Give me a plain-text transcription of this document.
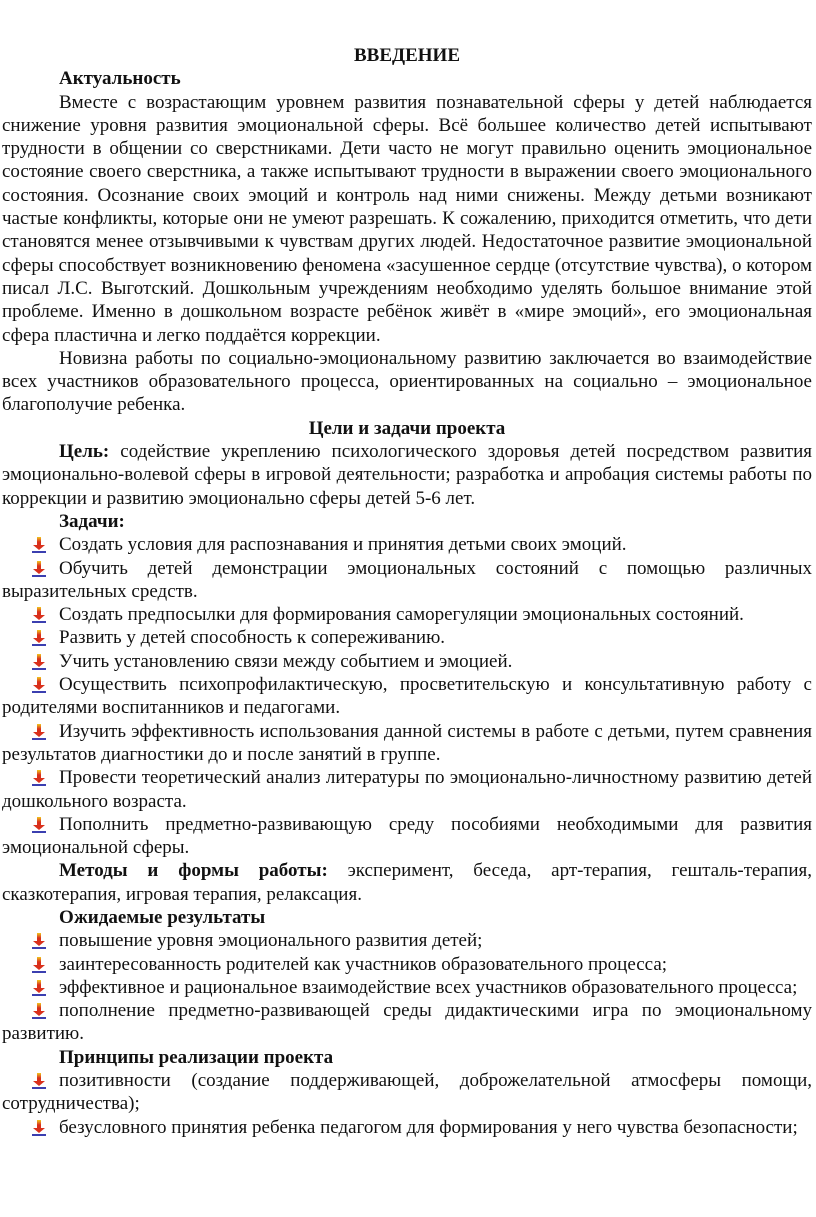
ВВЕДЕНИЕ
Актуальность

Вместе с возрастающим уровнем развития познавательной сферы у детей наблюдается снижение уровня развития эмоциональной сферы. Всё большее количество детей испытывают трудности в общении со сверстниками. Дети часто не могут правильно оценить эмоциональное состояние своего сверстника, а также испытывают трудности в выражении своего эмоционального состояния. Осознание своих эмоций и контроль над ними снижены. Между детьми возникают частые конфликты, которые они не умеют разрешать. К сожалению, приходится отметить, что дети становятся менее отзывчивыми к чувствам других людей. Недостаточное развитие эмоциональной сферы способствует возникновению феномена «засушенное сердце (отсутствие чувства), о котором писал Л.С. Выготский. Дошкольным учреждениям необходимо уделять большое внимание этой проблеме. Именно в дошкольном возрасте ребёнок живёт в «мире эмоций», его эмоциональная сфера пластична и легко поддаётся коррекции.

Новизна работы по социально-эмоциональному развитию заключается во взаимодействие всех участников образовательного процесса, ориентированных на социально – эмоциональное благополучие ребенка.

Цели и задачи проекта

Цель: содействие укреплению психологического здоровья детей посредством развития эмоционально-волевой сферы в игровой деятельности; разработка и апробация системы работы по коррекции и развитию эмоционально сферы детей 5-6 лет.

Задачи:

Создать условия для распознавания и принятия детьми своих эмоций.

Обучить детей демонстрации эмоциональных состояний с помощью различных выразительных средств.

Создать предпосылки для формирования саморегуляции эмоциональных состояний.

Развить у детей способность к сопереживанию.

Учить установлению связи между событием и эмоцией.

Осуществить психопрофилактическую, просветительскую и консультативную работу с родителями воспитанников и педагогами.

Изучить эффективность использования данной системы в работе с детьми, путем сравнения результатов диагностики до и после занятий в группе.

Провести теоретический анализ литературы по эмоционально-личностному развитию детей дошкольного возраста.

Пополнить предметно-развивающую среду пособиями необходимыми для развития эмоциональной сферы.

Методы и формы работы: эксперимент, беседа, арт-терапия, гешталь-терапия, сказкотерапия, игровая терапия, релаксация.

Ожидаемые результаты

повышение уровня эмоционального развития детей;

заинтересованность родителей как участников образовательного процесса;

эффективное и рациональное взаимодействие всех участников образовательного процесса;

пополнение предметно-развивающей среды дидактическими игра по эмоциональному развитию.

Принципы реализации проекта

позитивности (создание поддерживающей, доброжелательной атмосферы помощи, сотрудничества);

безусловного принятия ребенка педагогом для формирования у него чувства безопасности;
